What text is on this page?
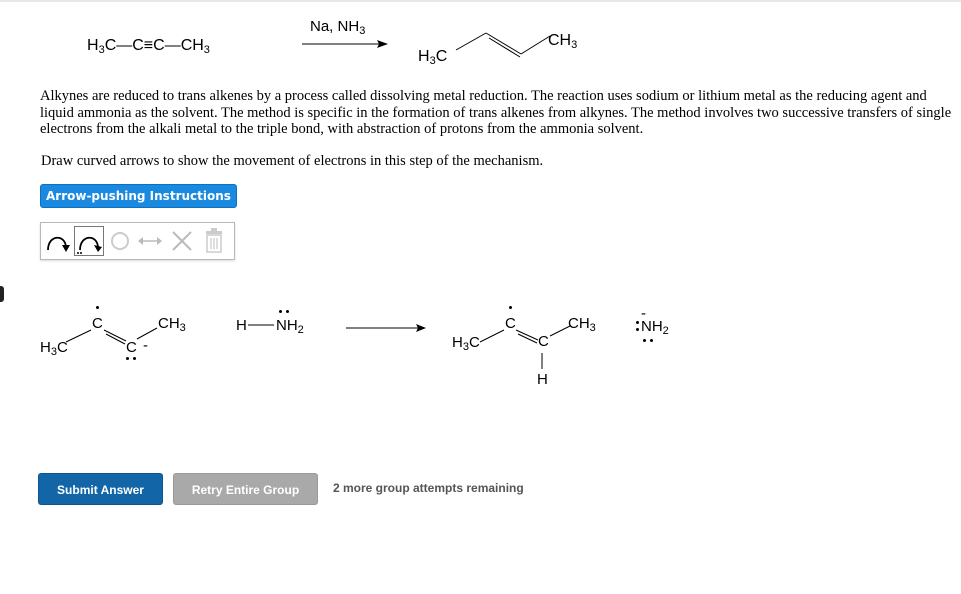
$H_3C—C\equiv C—CH_3$
Na, $NH_3$
$H_3C$
$CH_3$
Alkynes are reduced to trans alkenes by a process called dissolving metal reduction. The reaction uses sodium or lithium metal as the reducing agent and liquid ammonia as the solvent. The method is specific in the formation of trans alkenes from alkynes. The method involves two successive transfers of single electrons from the alkali metal to the triple bond, with abstraction of protons from the ammonia solvent.
Draw curved arrows to show the movement of electrons in this step of the mechanism.
Arrow-pushing Instructions
$H_3C$
C
C -
$CH_3$	H $NH_2$
$H_3C$
C
C
$CH_3$
H
-
$NH_2$
Submit Answer	Retry Entire Group	2 more group attempts remaining
